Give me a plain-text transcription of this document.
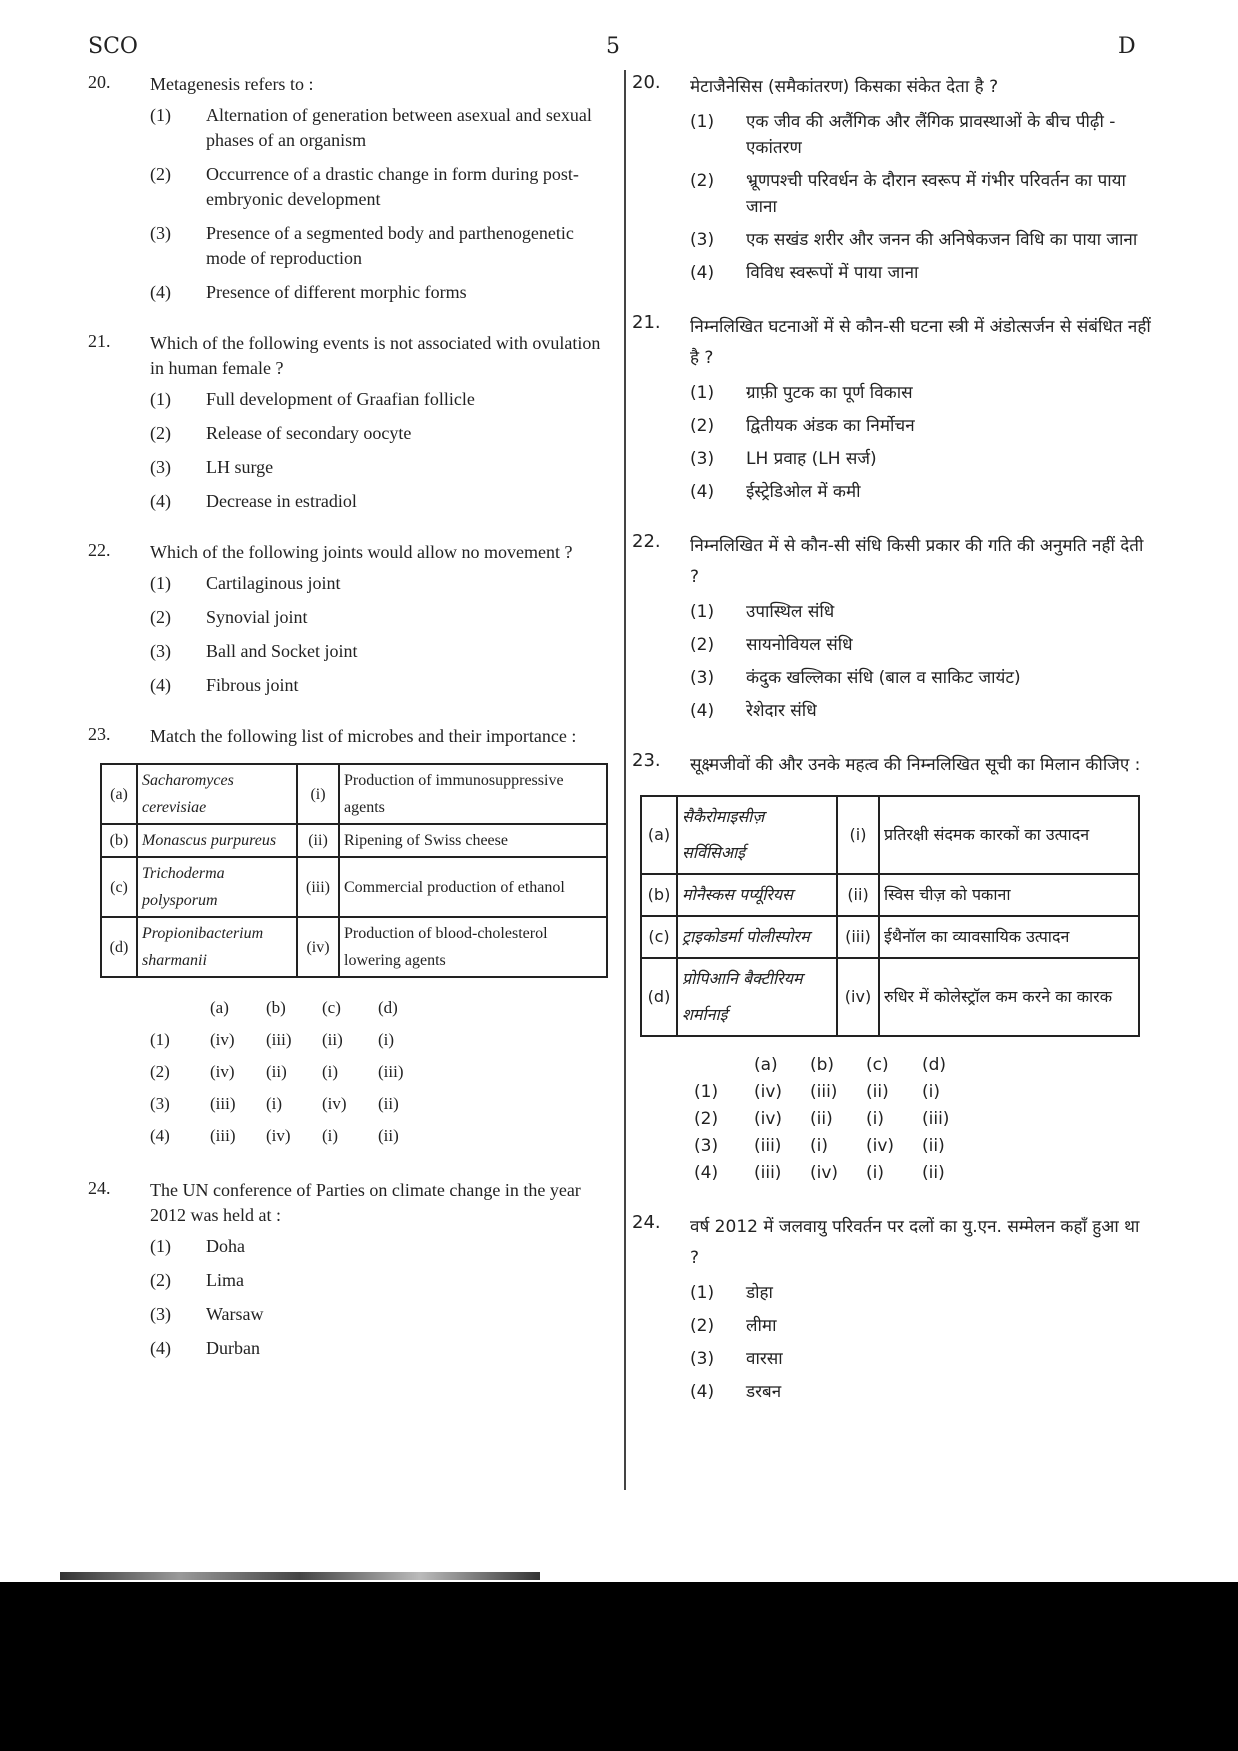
SCO	5	D
20. Metagenesis refers to :
(1)	Alternation of generation between asexual and sexual phases of an organism
(2)	Occurrence of a drastic change in form during post-embryonic development
(3)	Presence of a segmented body and parthenogenetic mode of reproduction
(4)	Presence of different morphic forms
21. Which of the following events is not associated with ovulation in human female ?
(1)	Full development of Graafian follicle
(2)	Release of secondary oocyte
(3)	LH surge
(4)	Decrease in estradiol
22. Which of the following joints would allow no movement ?
(1)	Cartilaginous joint
(2)	Synovial joint
(3)	Ball and Socket joint
(4)	Fibrous joint
23. Match the following list of microbes and their importance :
(a)	Sacharomyces cerevisiae	(i)	Production of immunosuppressive agents
(b)	Monascus purpureus	(ii)	Ripening of Swiss cheese
(c)	Trichoderma polysporum	(iii)	Commercial production of ethanol
(d)	Propionibacterium sharmanii	(iv)	Production of blood-cholesterol lowering agents
(a)	(b)	(c)	(d)
(1)	(iv)	(iii)	(ii)	(i)
(2)	(iv)	(ii)	(i)	(iii)
(3)	(iii)	(i)	(iv)	(ii)
(4)	(iii)	(iv)	(i)	(ii)
24. The UN conference of Parties on climate change in the year 2012 was held at :
(1)	Doha
(2)	Lima
(3)	Warsaw
(4)	Durban
20. मेटाजैनेसिस (समैकांतरण) किसका संकेत देता है ?
(1)	एक जीव की अलैंगिक और लैंगिक प्रावस्थाओं के बीच पीढ़ी - एकांतरण
(2)	भ्रूणपश्ची परिवर्धन के दौरान स्वरूप में गंभीर परिवर्तन का पाया जाना
(3)	एक सखंड शरीर और जनन की अनिषेकजन विधि का पाया जाना
(4)	विविध स्वरूपों में पाया जाना
21. निम्नलिखित घटनाओं में से कौन-सी घटना स्त्री में अंडोत्सर्जन से संबंधित नहीं है ?
(1)	ग्राफ़ी पुटक का पूर्ण विकास
(2)	द्वितीयक अंडक का निर्मोचन
(3)	LH प्रवाह (LH सर्ज)
(4)	ईस्ट्रेडिओल में कमी
22. निम्नलिखित में से कौन-सी संधि किसी प्रकार की गति की अनुमति नहीं देती ?
(1)	उपास्थिल संधि
(2)	सायनोवियल संधि
(3)	कंदुक खल्लिका संधि (बाल व साकिट जायंट)
(4)	रेशेदार संधि
23. सूक्ष्मजीवों की और उनके महत्व की निम्नलिखित सूची का मिलान कीजिए :
(a)	सैकैरोमाइसीज़ सर्विसिआई	(i)	प्रतिरक्षी संदमक कारकों का उत्पादन
(b)	मोनैस्कस पर्प्यूरियस	(ii)	स्विस चीज़ को पकाना
(c)	ट्राइकोडर्मा पोलीस्पोरम	(iii)	ईथैनॉल का व्यावसायिक उत्पादन
(d)	प्रोपिआनि बैक्टीरियम शर्मानाई	(iv)	रुधिर में कोलेस्ट्रॉल कम करने का कारक
(a)	(b)	(c)	(d)
(1)	(iv)	(iii)	(ii)	(i)
(2)	(iv)	(ii)	(i)	(iii)
(3)	(iii)	(i)	(iv)	(ii)
(4)	(iii)	(iv)	(i)	(ii)
24. वर्ष 2012 में जलवायु परिवर्तन पर दलों का यु.एन. सम्मेलन कहाँ हुआ था ?
(1)	डोहा
(2)	लीमा
(3)	वारसा
(4)	डरबन
